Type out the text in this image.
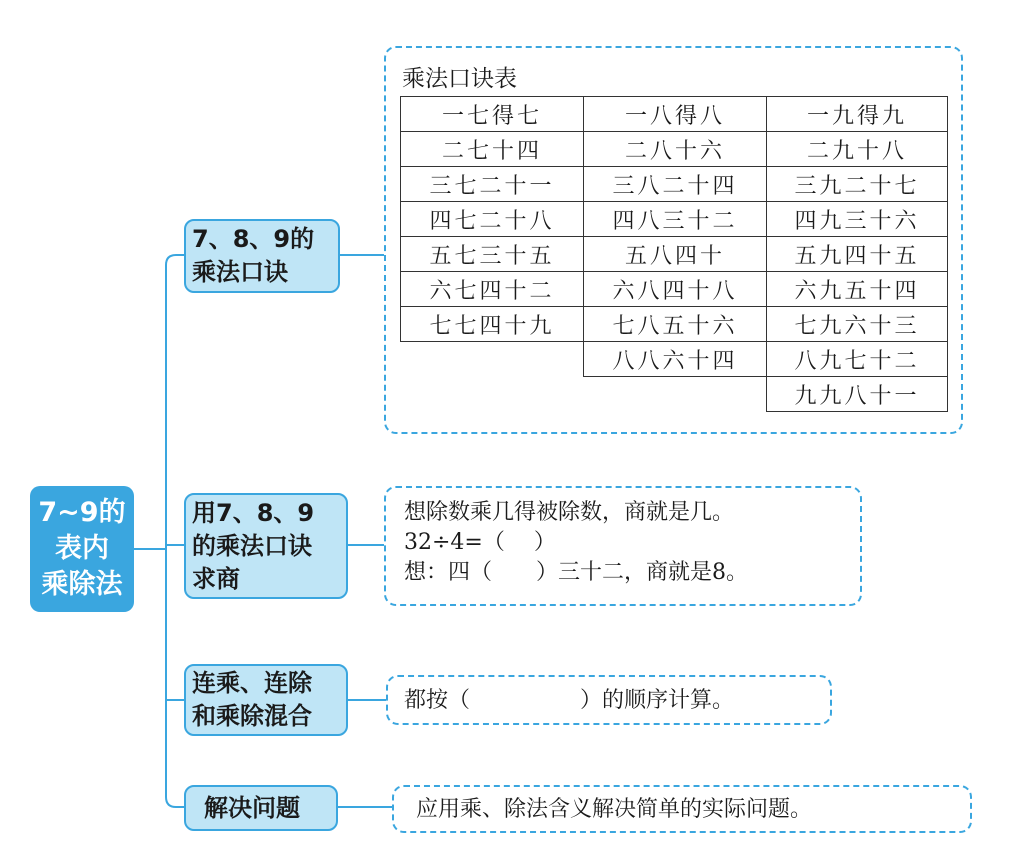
7~9的
表内
乘除法
7、8、9的
乘法口诀
用7、8、9
的乘法口诀
求商
连乘、连除
和乘除混合
解决问题
乘法口诀表
一七得七	一八得八	一九得九
二七十四	二八十六	二九十八
三七二十一	三八二十四	三九二十七
四七二十八	四八三十二	四九三十六
五七三十五	五八四十	五九四十五
六七四十二	六八四十八	六九五十四
七七四十九	七八五十六	七九六十三
	八八六十四	八九七十二
		九九八十一
想除数乘几得被除数，商就是几。
32÷4=（　 ）
想：四（　　）三十二，商就是8。
都按（　　　　　）的顺序计算。
应用乘、除法含义解决简单的实际问题。
